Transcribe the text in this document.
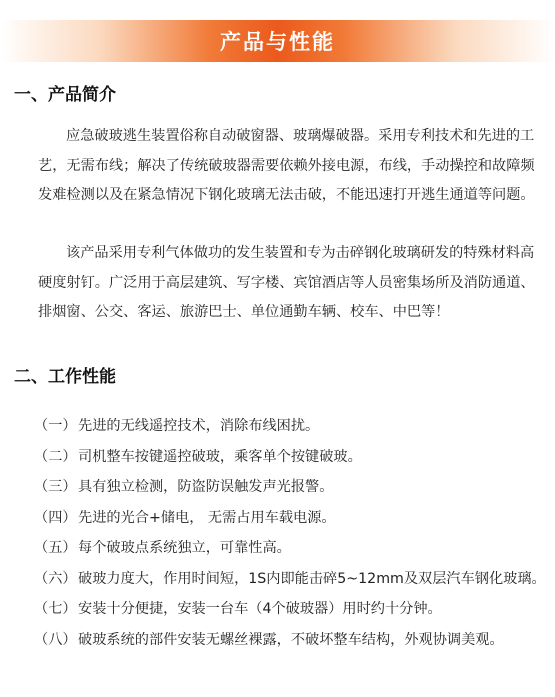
产品与性能
一、产品简介

应急破玻逃生装置俗称自动破窗器、玻璃爆破器。采用专利技术和先进的工艺，无需布线；解决了传统破玻器需要依赖外接电源，布线，手动操控和故障频发难检测以及在紧急情况下钢化玻璃无法击破，不能迅速打开逃生通道等问题。

该产品采用专利气体做功的发生装置和专为击碎钢化玻璃研发的特殊材料高硬度射钉。广泛用于高层建筑、写字楼、宾馆酒店等人员密集场所及消防通道、排烟窗、公交、客运、旅游巴士、单位通勤车辆、校车、中巴等！

二、工作性能
（一） 先进的无线遥控技术，消除布线困扰。
（二） 司机整车按键遥控破玻，乘客单个按键破玻。
（三） 具有独立检测，防盗防误触发声光报警。
（四） 先进的光合+储电， 无需占用车载电源。
（五） 每个破玻点系统独立，可靠性高。
（六） 破玻力度大，作用时间短，1S内即能击碎5~12mm及双层汽车钢化玻璃。
（七） 安装十分便捷，安装一台车（4个破玻器）用时约十分钟。
（八） 破玻系统的部件安装无螺丝裸露，不破坏整车结构，外观协调美观。
